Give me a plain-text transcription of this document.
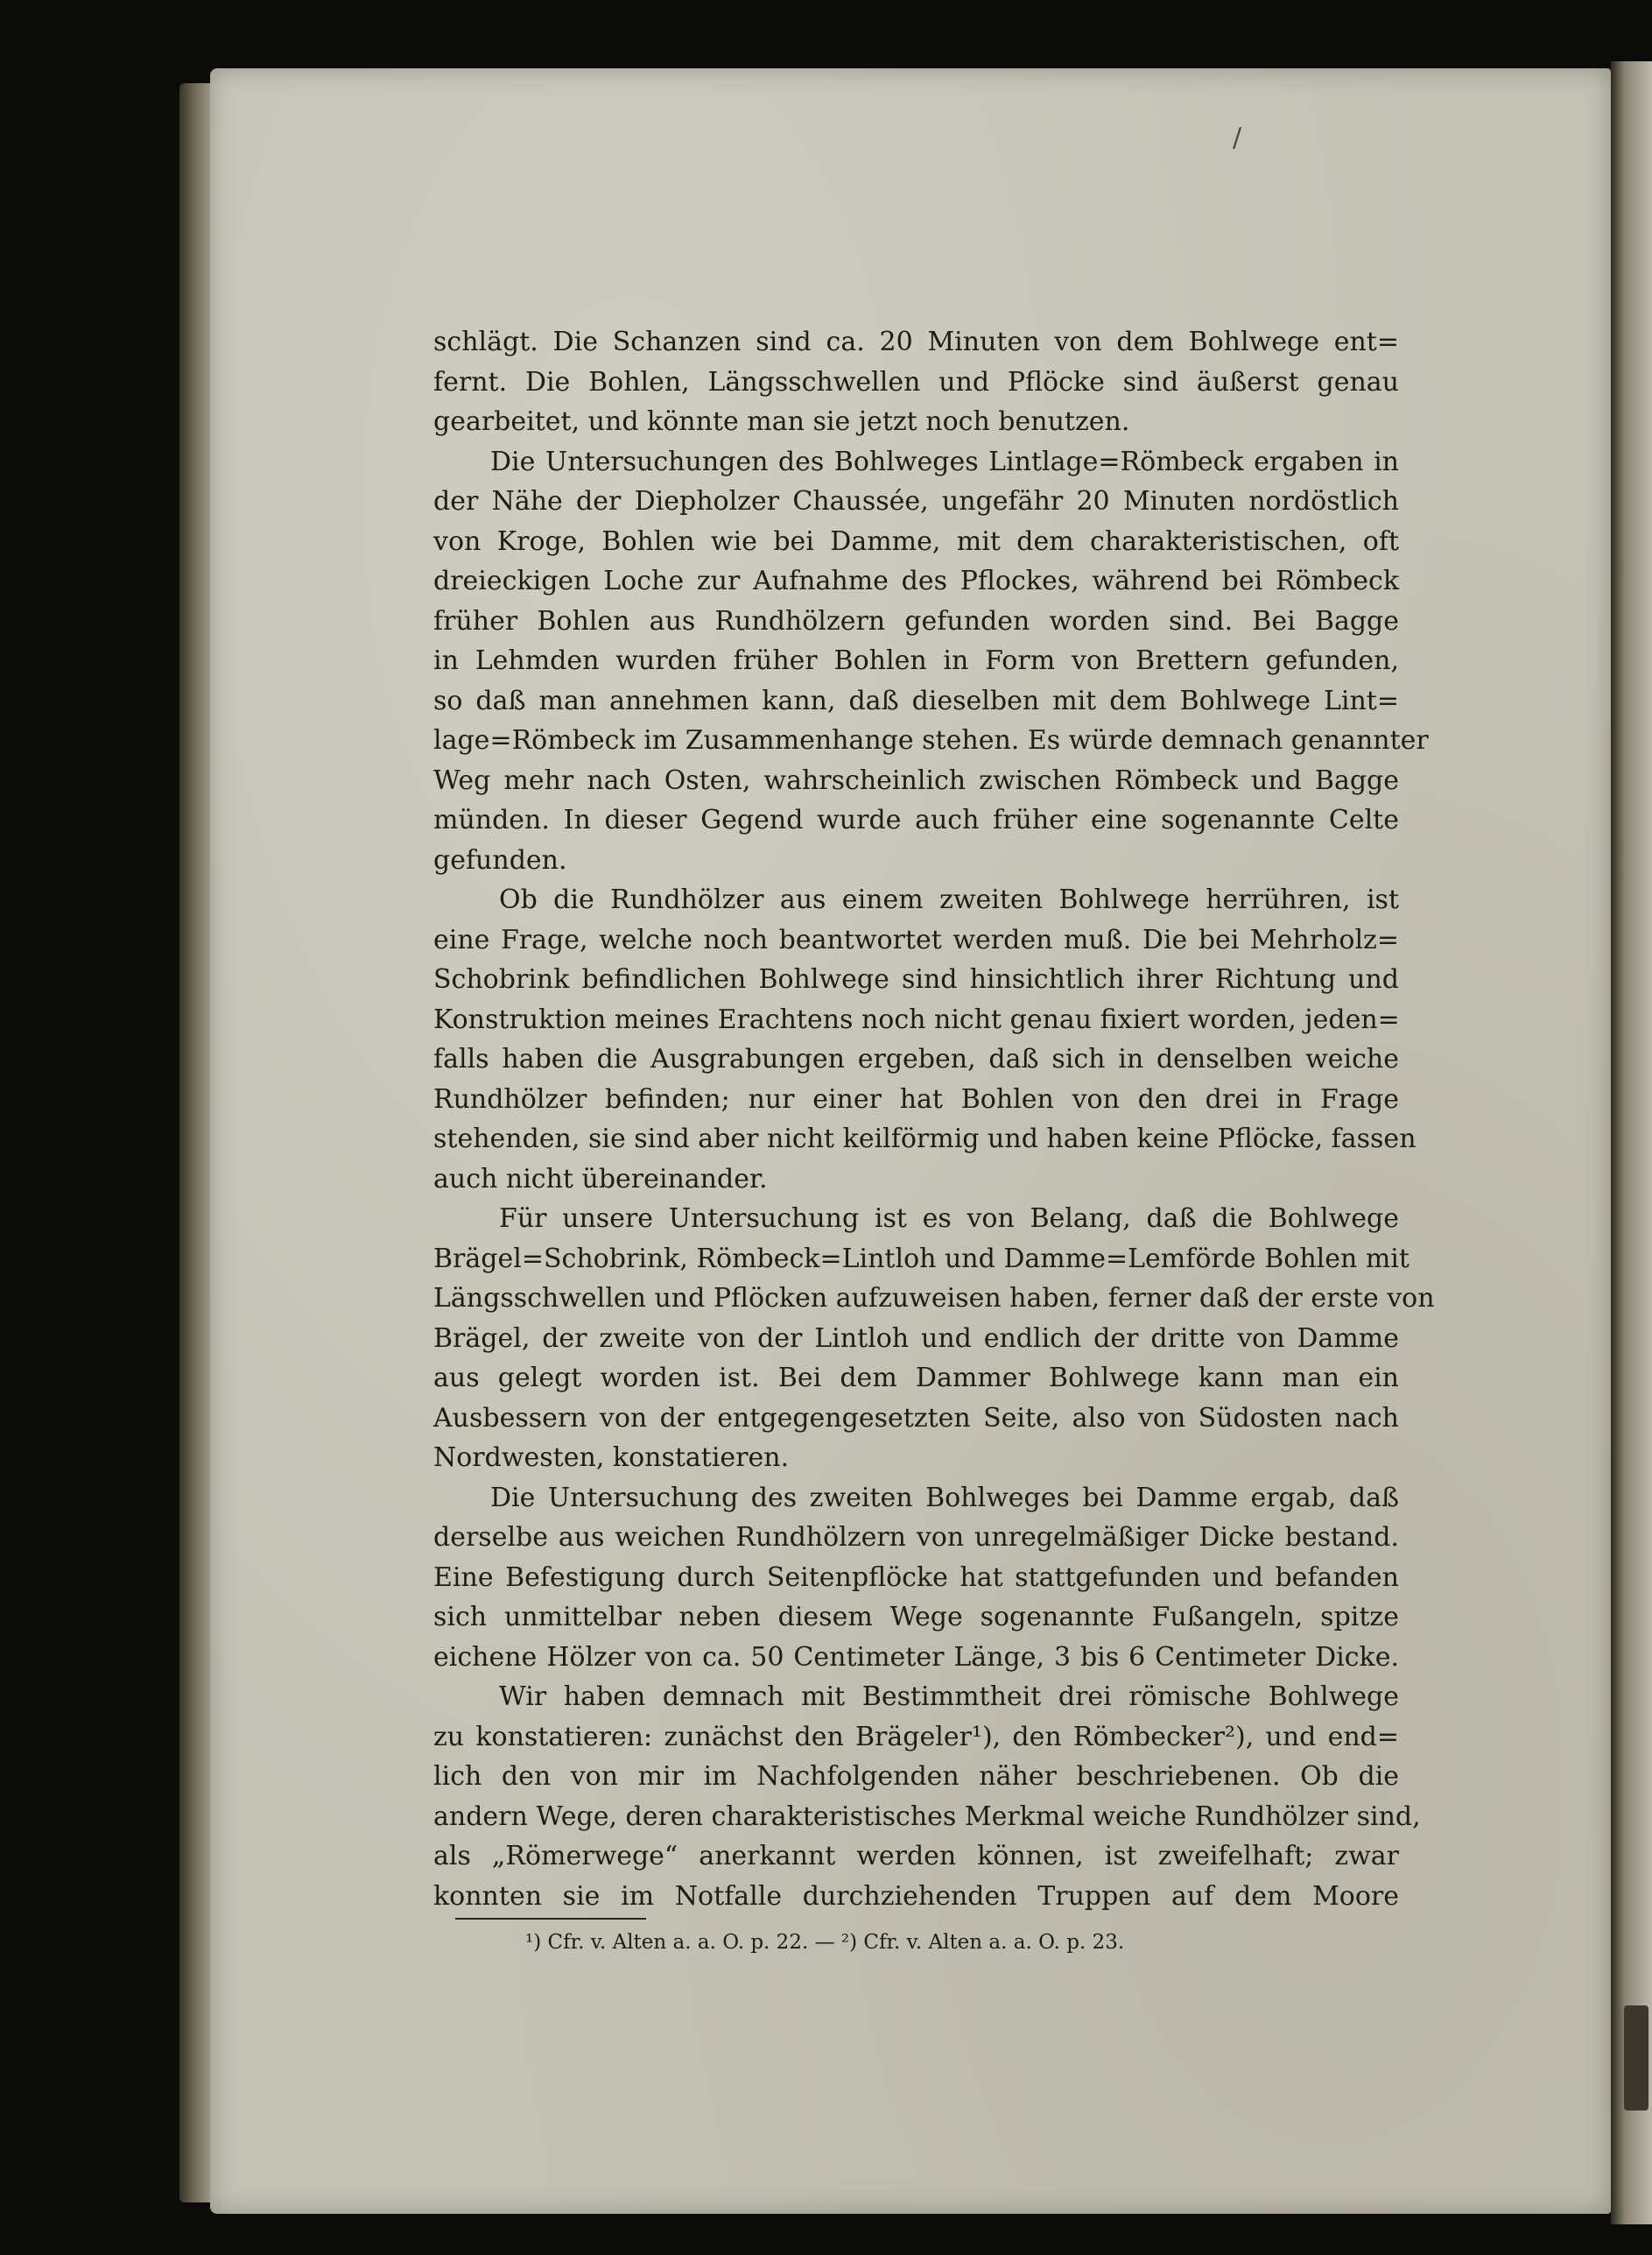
/
schlägt. Die Schanzen sind ca. 20 Minuten von dem Bohlwege ent=
fernt. Die Bohlen, Längsschwellen und Pflöcke sind äußerst genau
gearbeitet, und könnte man sie jetzt noch benutzen.
Die Untersuchungen des Bohlweges Lintlage=Römbeck ergaben in
der Nähe der Diepholzer Chaussée, ungefähr 20 Minuten nordöstlich
von Kroge, Bohlen wie bei Damme, mit dem charakteristischen, oft
dreieckigen Loche zur Aufnahme des Pflockes, während bei Römbeck
früher Bohlen aus Rundhölzern gefunden worden sind. Bei Bagge
in Lehmden wurden früher Bohlen in Form von Brettern gefunden,
so daß man annehmen kann, daß dieselben mit dem Bohlwege Lint=
lage=Römbeck im Zusammenhange stehen. Es würde demnach genannter
Weg mehr nach Osten, wahrscheinlich zwischen Römbeck und Bagge
münden. In dieser Gegend wurde auch früher eine sogenannte Celte
gefunden.
Ob die Rundhölzer aus einem zweiten Bohlwege herrühren, ist
eine Frage, welche noch beantwortet werden muß. Die bei Mehrholz=
Schobrink befindlichen Bohlwege sind hinsichtlich ihrer Richtung und
Konstruktion meines Erachtens noch nicht genau fixiert worden, jeden=
falls haben die Ausgrabungen ergeben, daß sich in denselben weiche
Rundhölzer befinden; nur einer hat Bohlen von den drei in Frage
stehenden, sie sind aber nicht keilförmig und haben keine Pflöcke, fassen
auch nicht übereinander.
Für unsere Untersuchung ist es von Belang, daß die Bohlwege
Brägel=Schobrink, Römbeck=Lintloh und Damme=Lemförde Bohlen mit
Längsschwellen und Pflöcken aufzuweisen haben, ferner daß der erste von
Brägel, der zweite von der Lintloh und endlich der dritte von Damme
aus gelegt worden ist. Bei dem Dammer Bohlwege kann man ein
Ausbessern von der entgegengesetzten Seite, also von Südosten nach
Nordwesten, konstatieren.
Die Untersuchung des zweiten Bohlweges bei Damme ergab, daß
derselbe aus weichen Rundhölzern von unregelmäßiger Dicke bestand.
Eine Befestigung durch Seitenpflöcke hat stattgefunden und befanden
sich unmittelbar neben diesem Wege sogenannte Fußangeln, spitze
eichene Hölzer von ca. 50 Centimeter Länge, 3 bis 6 Centimeter Dicke.
Wir haben demnach mit Bestimmtheit drei römische Bohlwege
zu konstatieren: zunächst den Brägeler¹), den Römbecker²), und end=
lich den von mir im Nachfolgenden näher beschriebenen. Ob die
andern Wege, deren charakteristisches Merkmal weiche Rundhölzer sind,
als „Römerwege“ anerkannt werden können, ist zweifelhaft; zwar
konnten sie im Notfalle durchziehenden Truppen auf dem Moore
¹) Cfr. v. Alten a. a. O. p. 22. — ²) Cfr. v. Alten a. a. O. p. 23.
